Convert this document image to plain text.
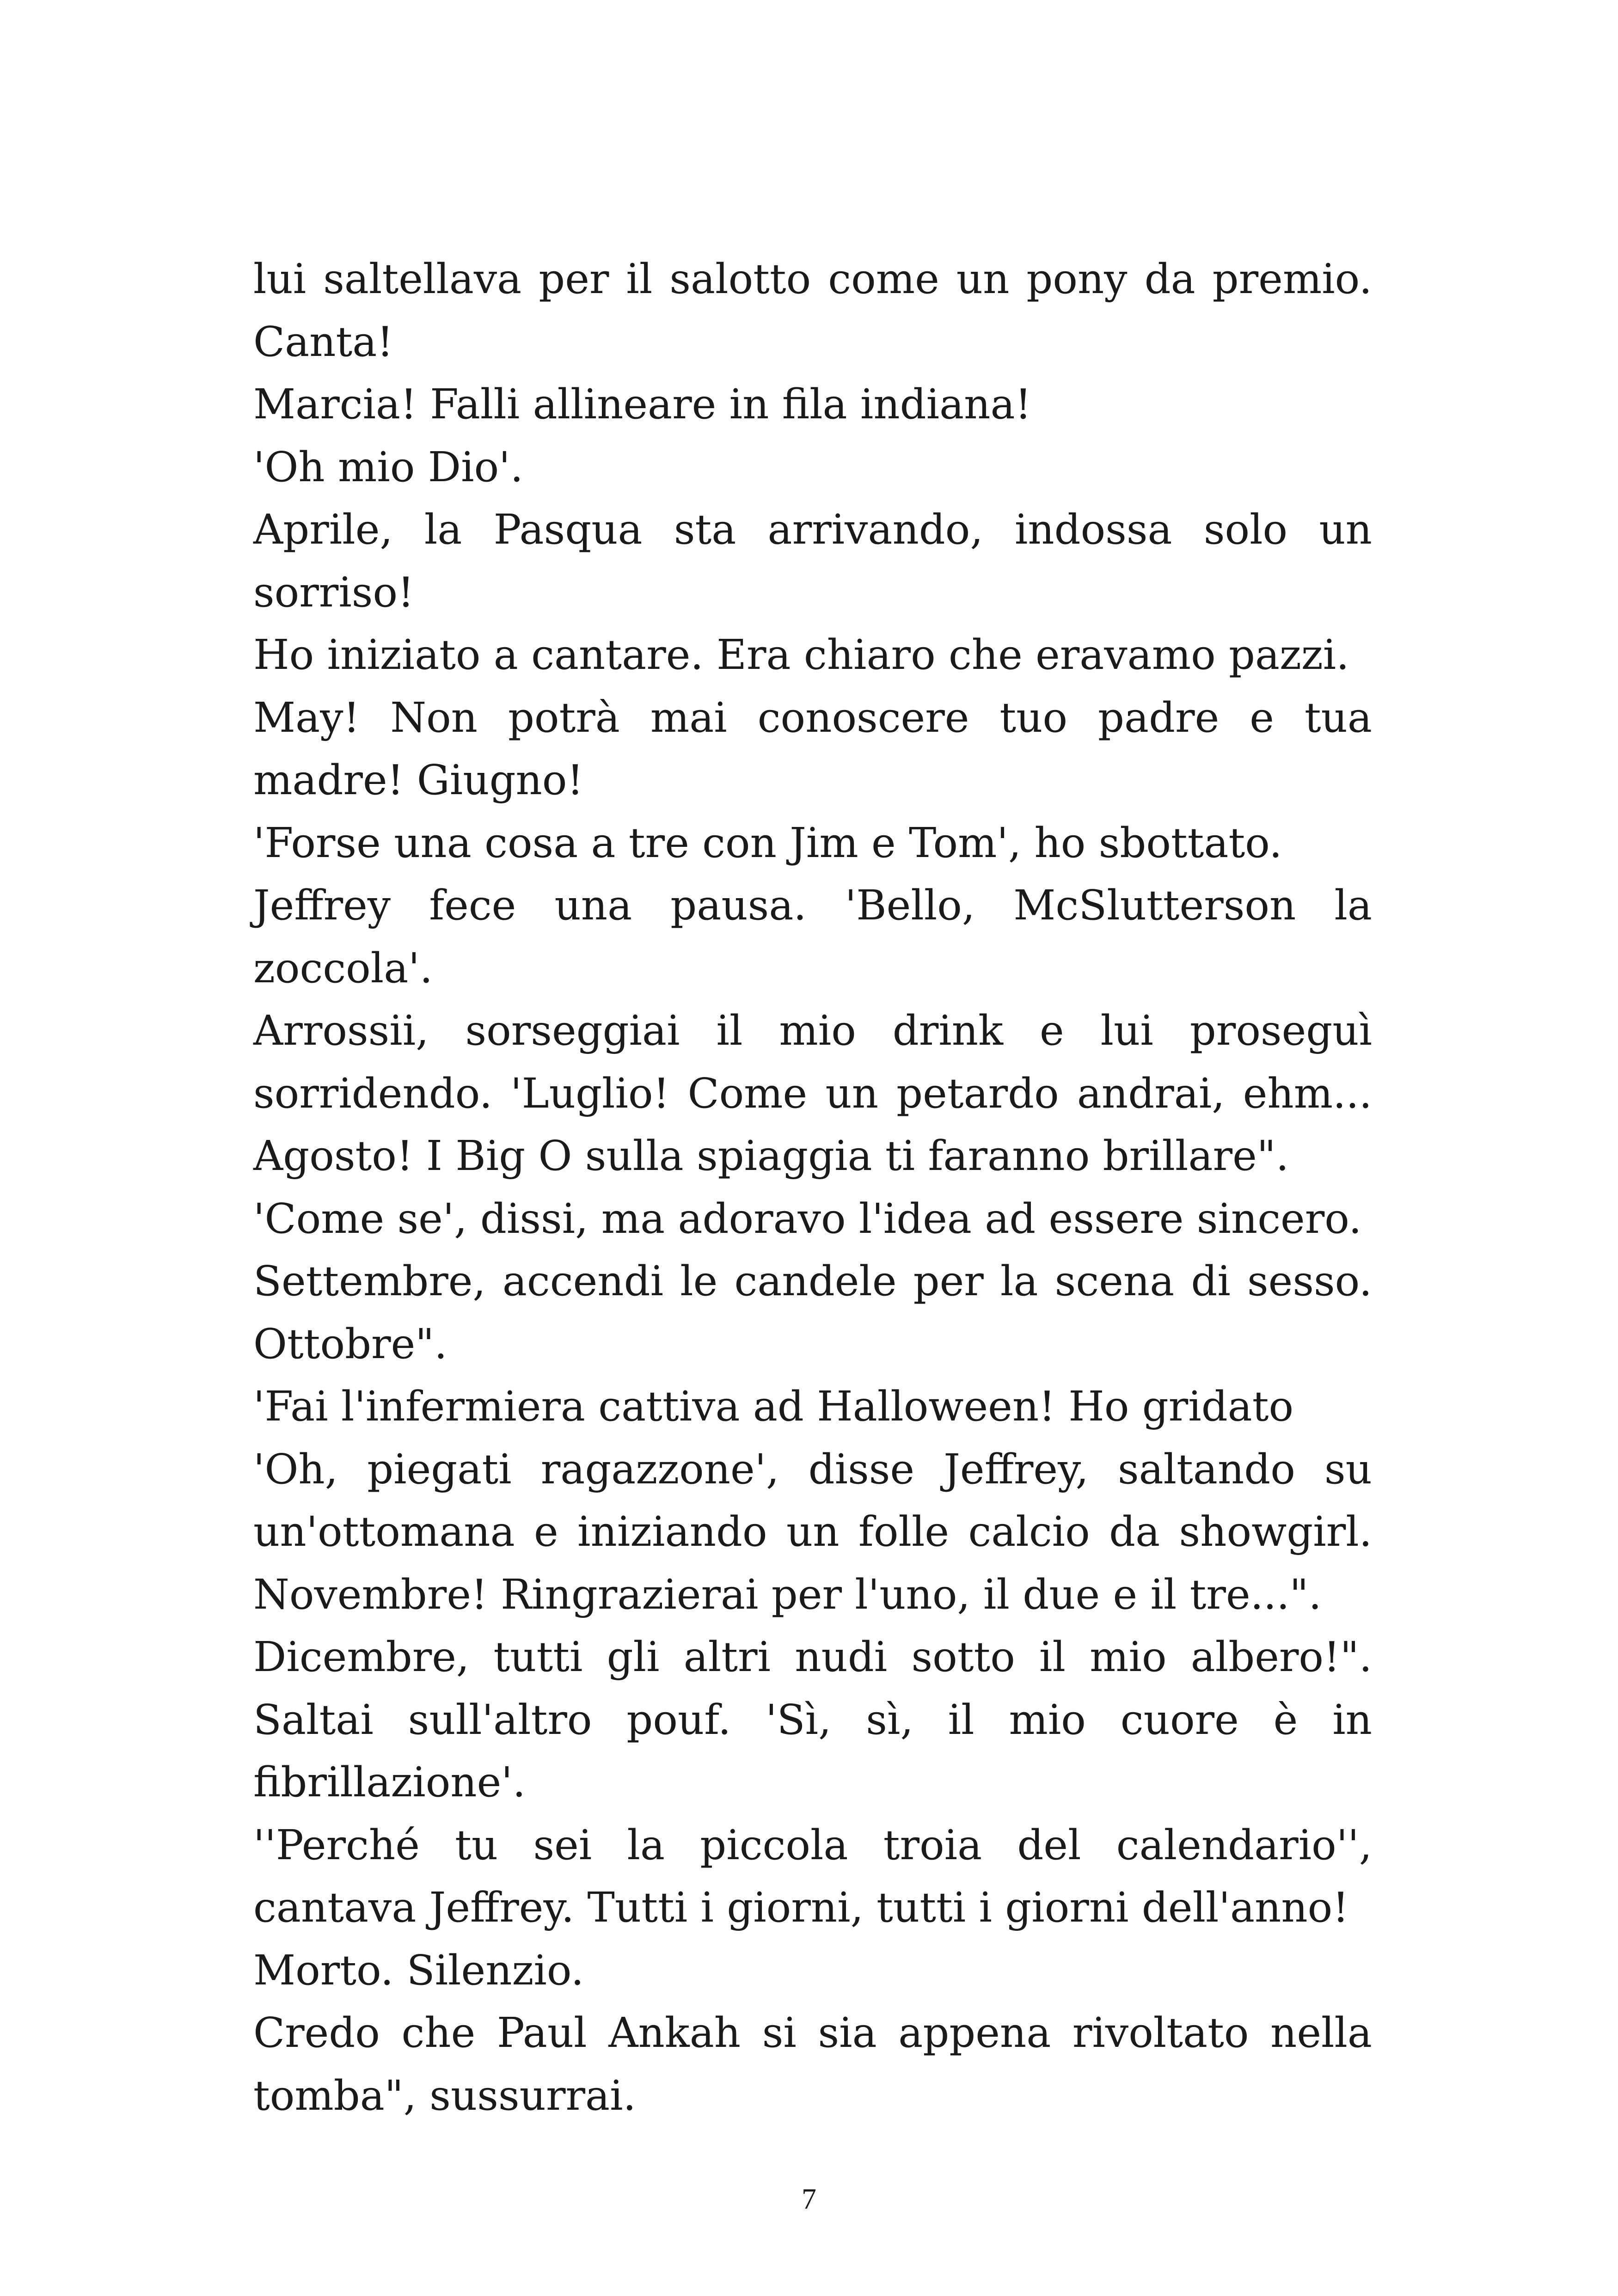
lui saltellava per il salotto come un pony da premio. Canta!

Marcia! Falli allineare in fila indiana!

'Oh mio Dio'.

Aprile, la Pasqua sta arrivando, indossa solo un sorriso!

Ho iniziato a cantare. Era chiaro che eravamo pazzi.

May! Non potrà mai conoscere tuo padre e tua madre! Giugno!

'Forse una cosa a tre con Jim e Tom', ho sbottato.

Jeffrey fece una pausa. 'Bello, McSlutterson la zoccola'.

Arrossii, sorseggiai il mio drink e lui proseguì sorridendo. 'Luglio! Come un petardo andrai, ehm... Agosto! I Big O sulla spiaggia ti faranno brillare".

'Come se', dissi, ma adoravo l'idea ad essere sincero.

Settembre, accendi le candele per la scena di sesso. Ottobre".

'Fai l'infermiera cattiva ad Halloween! Ho gridato

'Oh, piegati ragazzone', disse Jeffrey, saltando su un'ottomana e iniziando un folle calcio da showgirl. Novembre! Ringrazierai per l'uno, il due e il tre...".

Dicembre, tutti gli altri nudi sotto il mio albero!". Saltai sull'altro pouf. 'Sì, sì, il mio cuore è in fibrillazione'.

''Perché tu sei la piccola troia del calendario'', cantava Jeffrey. Tutti i giorni, tutti i giorni dell'anno!

Morto. Silenzio.

Credo che Paul Ankah si sia appena rivoltato nella tomba", sussurrai.

7
